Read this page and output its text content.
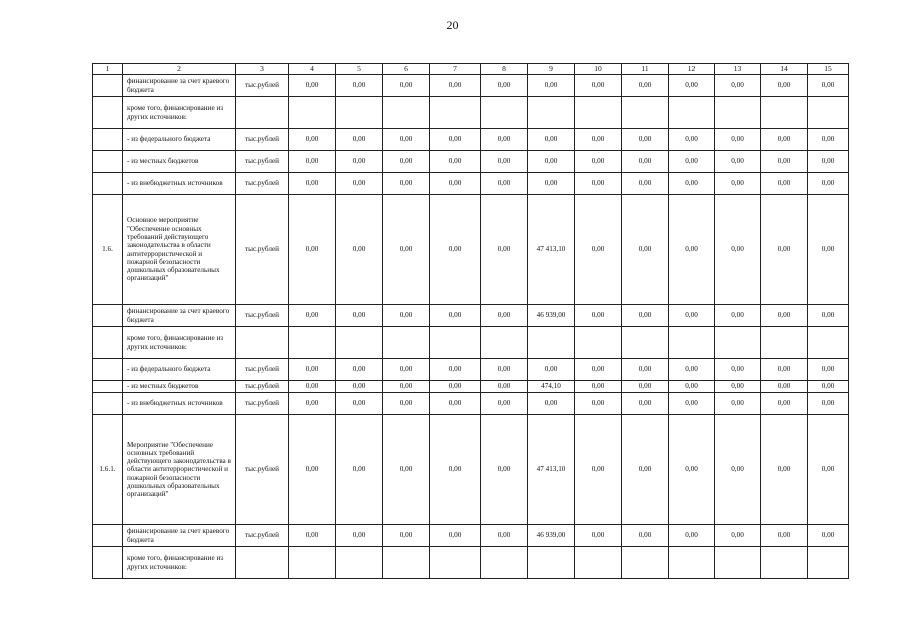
20
1	2	3	4	5	6	7	8	9	10	11	12	13	14	15
	финансирование за счет краевого бюджета	тыс.рублей	0,00	0,00	0,00	0,00	0,00	0,00	0,00	0,00	0,00	0,00	0,00	0,00
	кроме того, финансирование из других источников:													
	- из федерального бюджета	тыс.рублей	0,00	0,00	0,00	0,00	0,00	0,00	0,00	0,00	0,00	0,00	0,00	0,00
	- из местных бюджетов	тыс.рублей	0,00	0,00	0,00	0,00	0,00	0,00	0,00	0,00	0,00	0,00	0,00	0,00
	- из внебюджетных источников	тыс.рублей	0,00	0,00	0,00	0,00	0,00	0,00	0,00	0,00	0,00	0,00	0,00	0,00
1.6.	Основное мероприятие "Обеспечение основных требований действующего законодательства в области антитеррористической и пожарной безопасности дошкольных образовательных организаций"	тыс.рублей	0,00	0,00	0,00	0,00	0,00	47 413,10	0,00	0,00	0,00	0,00	0,00	0,00
	финансирование за счет краевого бюджета	тыс.рублей	0,00	0,00	0,00	0,00	0,00	46 939,00	0,00	0,00	0,00	0,00	0,00	0,00
	кроме того, финансирование из других источников:													
	- из федерального бюджета	тыс.рублей	0,00	0,00	0,00	0,00	0,00	0,00	0,00	0,00	0,00	0,00	0,00	0,00
	- из местных бюджетов	тыс.рублей	0,00	0,00	0,00	0,00	0,00	474,10	0,00	0,00	0,00	0,00	0,00	0,00
	- из внебюджетных источников	тыс.рублей	0,00	0,00	0,00	0,00	0,00	0,00	0,00	0,00	0,00	0,00	0,00	0,00
1.6.1.	Мероприятие "Обеспечение основных требований действующего законодательства в области антитеррористической и пожарной безопасности дошкольных образовательных организаций"	тыс.рублей	0,00	0,00	0,00	0,00	0,00	47 413,10	0,00	0,00	0,00	0,00	0,00	0,00
	финансирование за счет краевого бюджета	тыс.рублей	0,00	0,00	0,00	0,00	0,00	46 939,00	0,00	0,00	0,00	0,00	0,00	0,00
	кроме того, финансирование из других источников:													
